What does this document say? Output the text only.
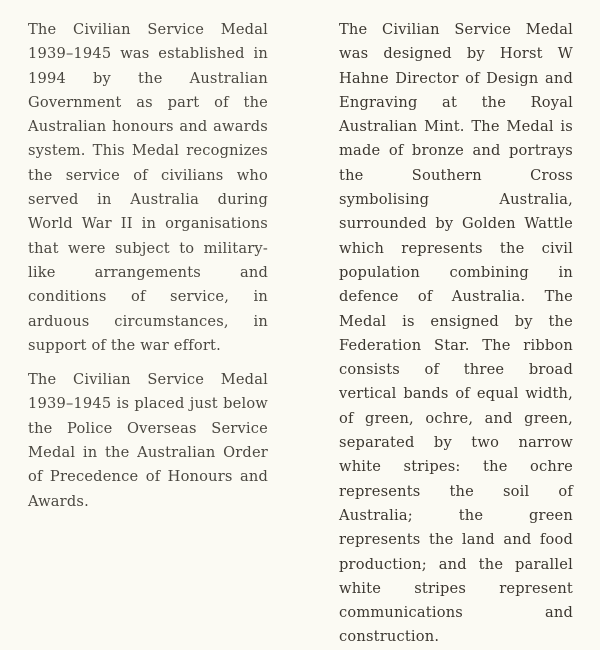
The Civilian Service Medal 1939–1945 was established in 1994 by the Australian Government as part of the Australian honours and awards system. This Medal recognizes the service of civilians who served in Australia during World War II in organisations that were subject to military-like arrangements and conditions of service, in arduous circumstances, in support of the war effort.

The Civilian Service Medal 1939–1945 is placed just below the Police Overseas Service Medal in the Australian Order of Precedence of Honours and Awards.

The Civilian Service Medal was designed by Horst W Hahne Director of Design and Engraving at the Royal Australian Mint. The Medal is made of bronze and portrays the Southern Cross symbolising Australia, surrounded by Golden Wattle which represents the civil population combining in defence of Australia. The Medal is ensigned by the Federation Star. The ribbon consists of three broad vertical bands of equal width, of green, ochre, and green, separated by two narrow white stripes: the ochre represents the soil of Australia; the green represents the land and food production; and the parallel white stripes represent communications and construction.
